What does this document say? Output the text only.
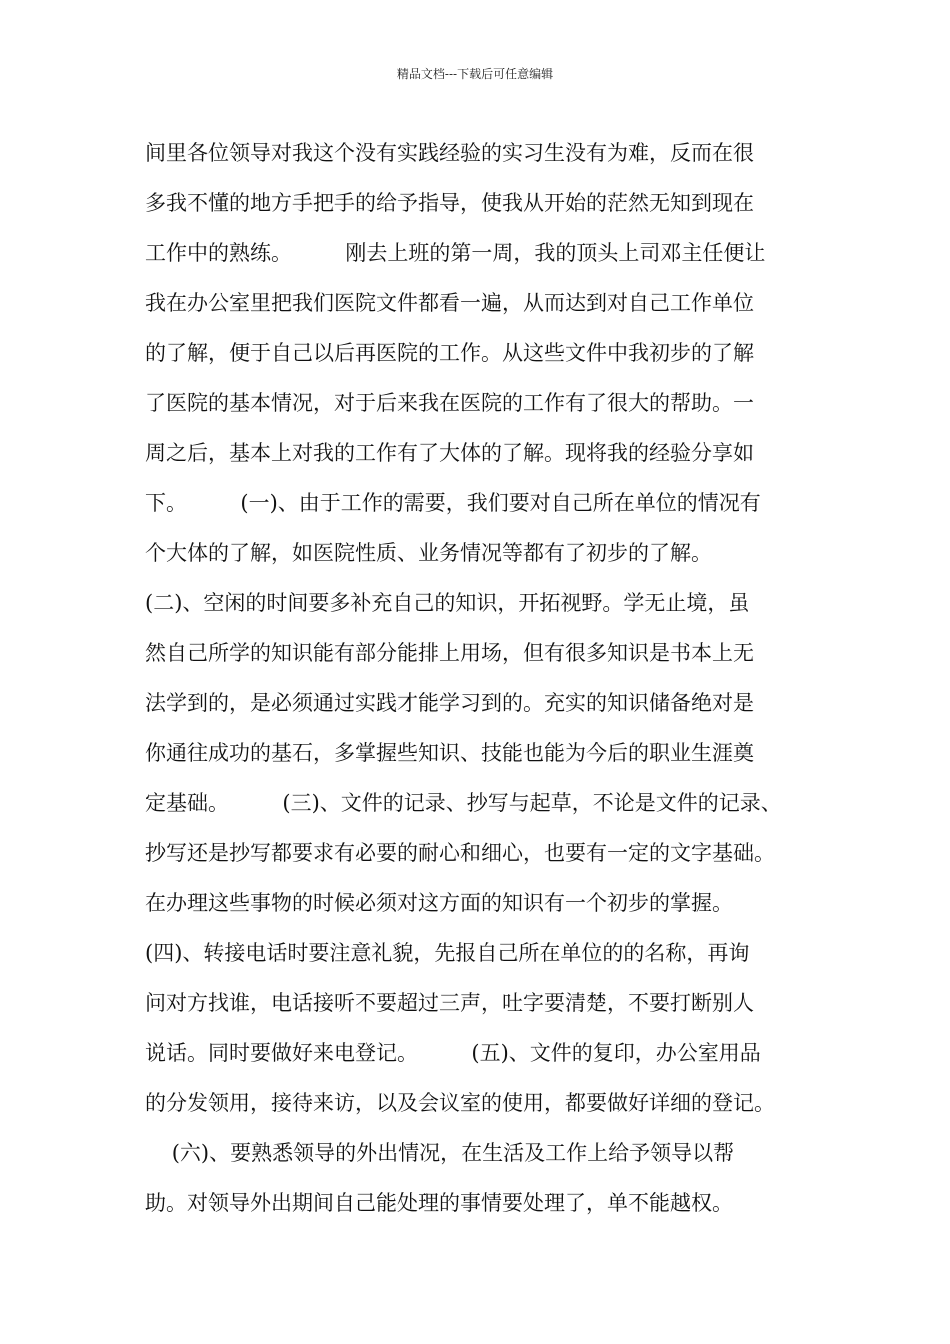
精品文档---下载后可任意编辑
间里各位领导对我这个没有实践经验的实习生没有为难，反而在很
多我不懂的地方手把手的给予指导，使我从开始的茫然无知到现在
工作中的熟练。        刚去上班的第一周，我的顶头上司邓主任便让
我在办公室里把我们医院文件都看一遍，从而达到对自己工作单位
的了解，便于自己以后再医院的工作。从这些文件中我初步的了解
了医院的基本情况，对于后来我在医院的工作有了很大的帮助。一
周之后，基本上对我的工作有了大体的了解。现将我的经验分享如
下。        (一)、由于工作的需要，我们要对自己所在单位的情况有
个大体的了解，如医院性质、业务情况等都有了初步的了解。
(二)、空闲的时间要多补充自己的知识，开拓视野。学无止境，虽
然自己所学的知识能有部分能排上用场，但有很多知识是书本上无
法学到的，是必须通过实践才能学习到的。充实的知识储备绝对是
你通往成功的基石，多掌握些知识、技能也能为今后的职业生涯奠
定基础。        (三)、文件的记录、抄写与起草，不论是文件的记录、
抄写还是抄写都要求有必要的耐心和细心，也要有一定的文字基础。
在办理这些事物的时候必须对这方面的知识有一个初步的掌握。
(四)、转接电话时要注意礼貌，先报自己所在单位的的名称，再询
问对方找谁，电话接听不要超过三声，吐字要清楚，不要打断别人
说话。同时要做好来电登记。        (五)、文件的复印，办公室用品
的分发领用，接待来访，以及会议室的使用，都要做好详细的登记。
(六)、要熟悉领导的外出情况，在生活及工作上给予领导以帮
助。对领导外出期间自己能处理的事情要处理了，单不能越权。
